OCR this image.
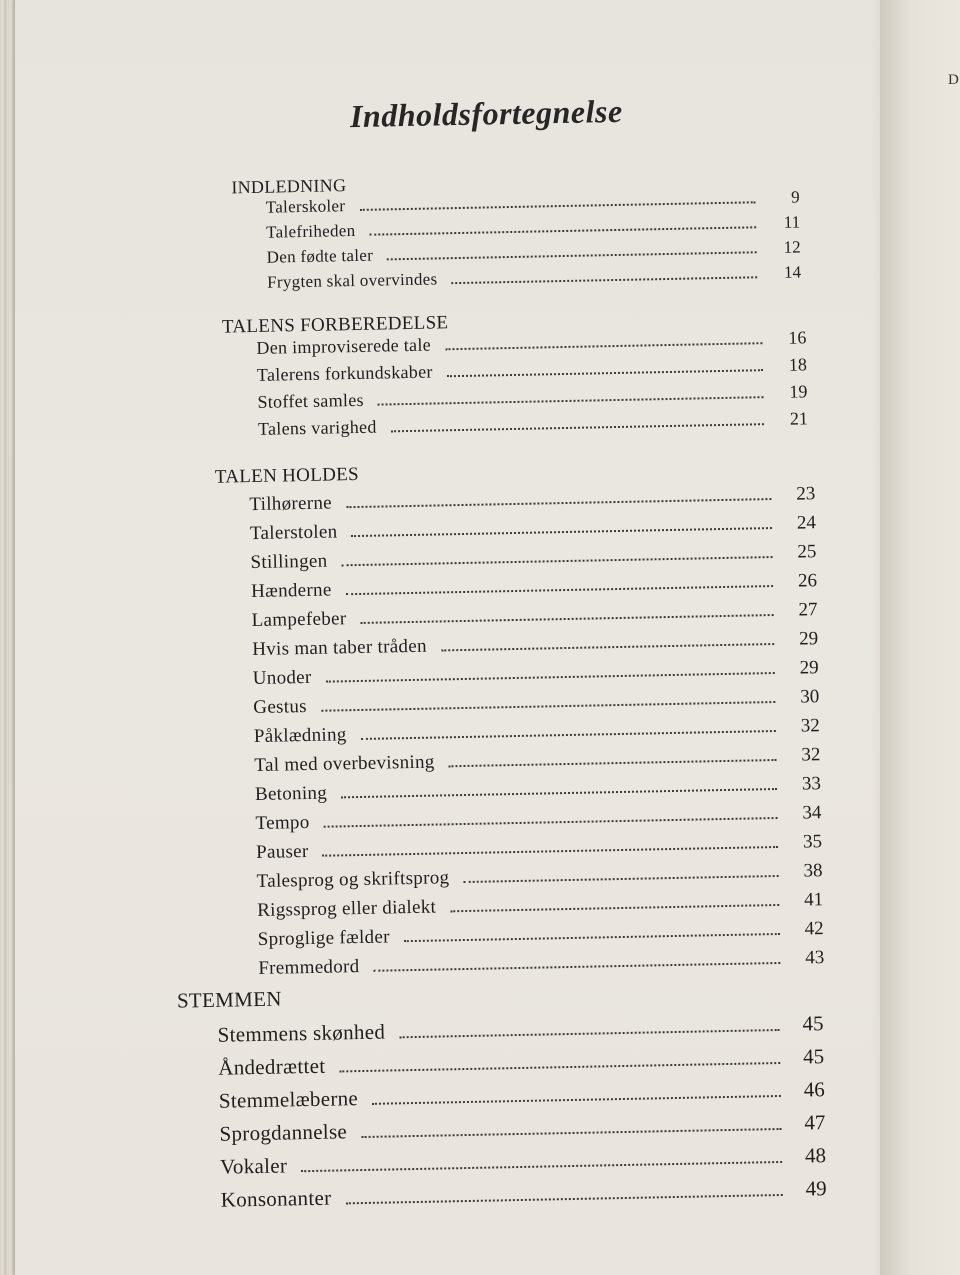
D
Indholdsfortegnelse
INDLEDNING
Talerskoler	9
Talefriheden	11
Den fødte taler	12
Frygten skal overvindes	14
TALENS FORBEREDELSE
Den improviserede tale	16
Talerens forkundskaber	18
Stoffet samles	19
Talens varighed	21
TALEN HOLDES
Tilhørerne	23
Talerstolen	24
Stillingen	25
Hænderne	26
Lampefeber	27
Hvis man taber tråden	29
Unoder	29
Gestus	30
Påklædning	32
Tal med overbevisning	32
Betoning	33
Tempo	34
Pauser	35
Talesprog og skriftsprog	38
Rigssprog eller dialekt	41
Sproglige fælder	42
Fremmedord	43
STEMMEN
Stemmens skønhed	45
Åndedrættet	45
Stemmelæberne	46
Sprogdannelse	47
Vokaler	48
Konsonanter	49
